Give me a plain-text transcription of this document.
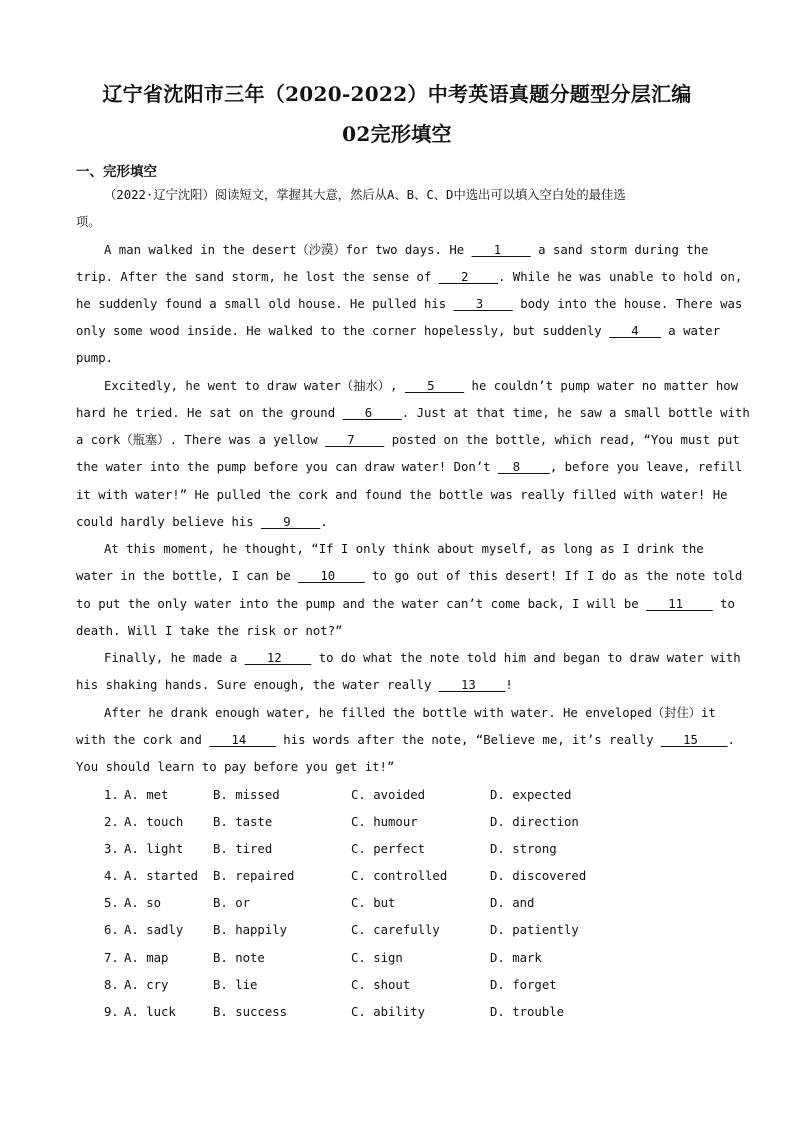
辽宁省沈阳市三年（2020-2022）中考英语真题分题型分层汇编
02完形填空
一、完形填空
（2022·辽宁沈阳）阅读短文，掌握其大意，然后从A、B、C、D中选出可以填入空白处的最佳选
项。
A man walked in the desert（沙漠）for two days. He    1     a sand storm during the
trip. After the sand storm, he lost the sense of    2    . While he was unable to hold on,
he suddenly found a small old house. He pulled his    3     body into the house. There was
only some wood inside. He walked to the corner hopelessly, but suddenly    4    a water
pump.
Excitedly, he went to draw water（抽水）,    5     he couldn’t pump water no matter how
hard he tried. He sat on the ground    6    . Just at that time, he saw a small bottle with
a cork（瓶塞）. There was a yellow    7     posted on the bottle, which read, “You must put
the water into the pump before you can draw water! Don’t   8    , before you leave, refill
it with water!” He pulled the cork and found the bottle was really filled with water! He
could hardly believe his    9    .
At this moment, he thought, “If I only think about myself, as long as I drink the
water in the bottle, I can be    10     to go out of this desert! If I do as the note told
to put the only water into the pump and the water can’t come back, I will be    11     to
death. Will I take the risk or not?”
Finally, he made a    12     to do what the note told him and began to draw water with
his shaking hands. Sure enough, the water really    13    !
After he drank enough water, he filled the bottle with water. He enveloped（封住）it
with the cork and    14     his words after the note, “Believe me, it’s really    15    .
You should learn to pay before you get it!”

1. A. met	B. missed	C. avoided	D. expected

2. A. touch B. taste	C. humour	D. direction

3. A. light B. tired	C. perfect	D. strong

4. A. started B. repaired	C. controlled	D. discovered

5. A. so	B. or	C. but	D. and

6. A. sadly B. happily	C. carefully	D. patiently

7. A. map	B. note	C. sign	D. mark

8. A. cry	B. lie	C. shout	D. forget

9. A. luck	B. success	C. ability	D. trouble
